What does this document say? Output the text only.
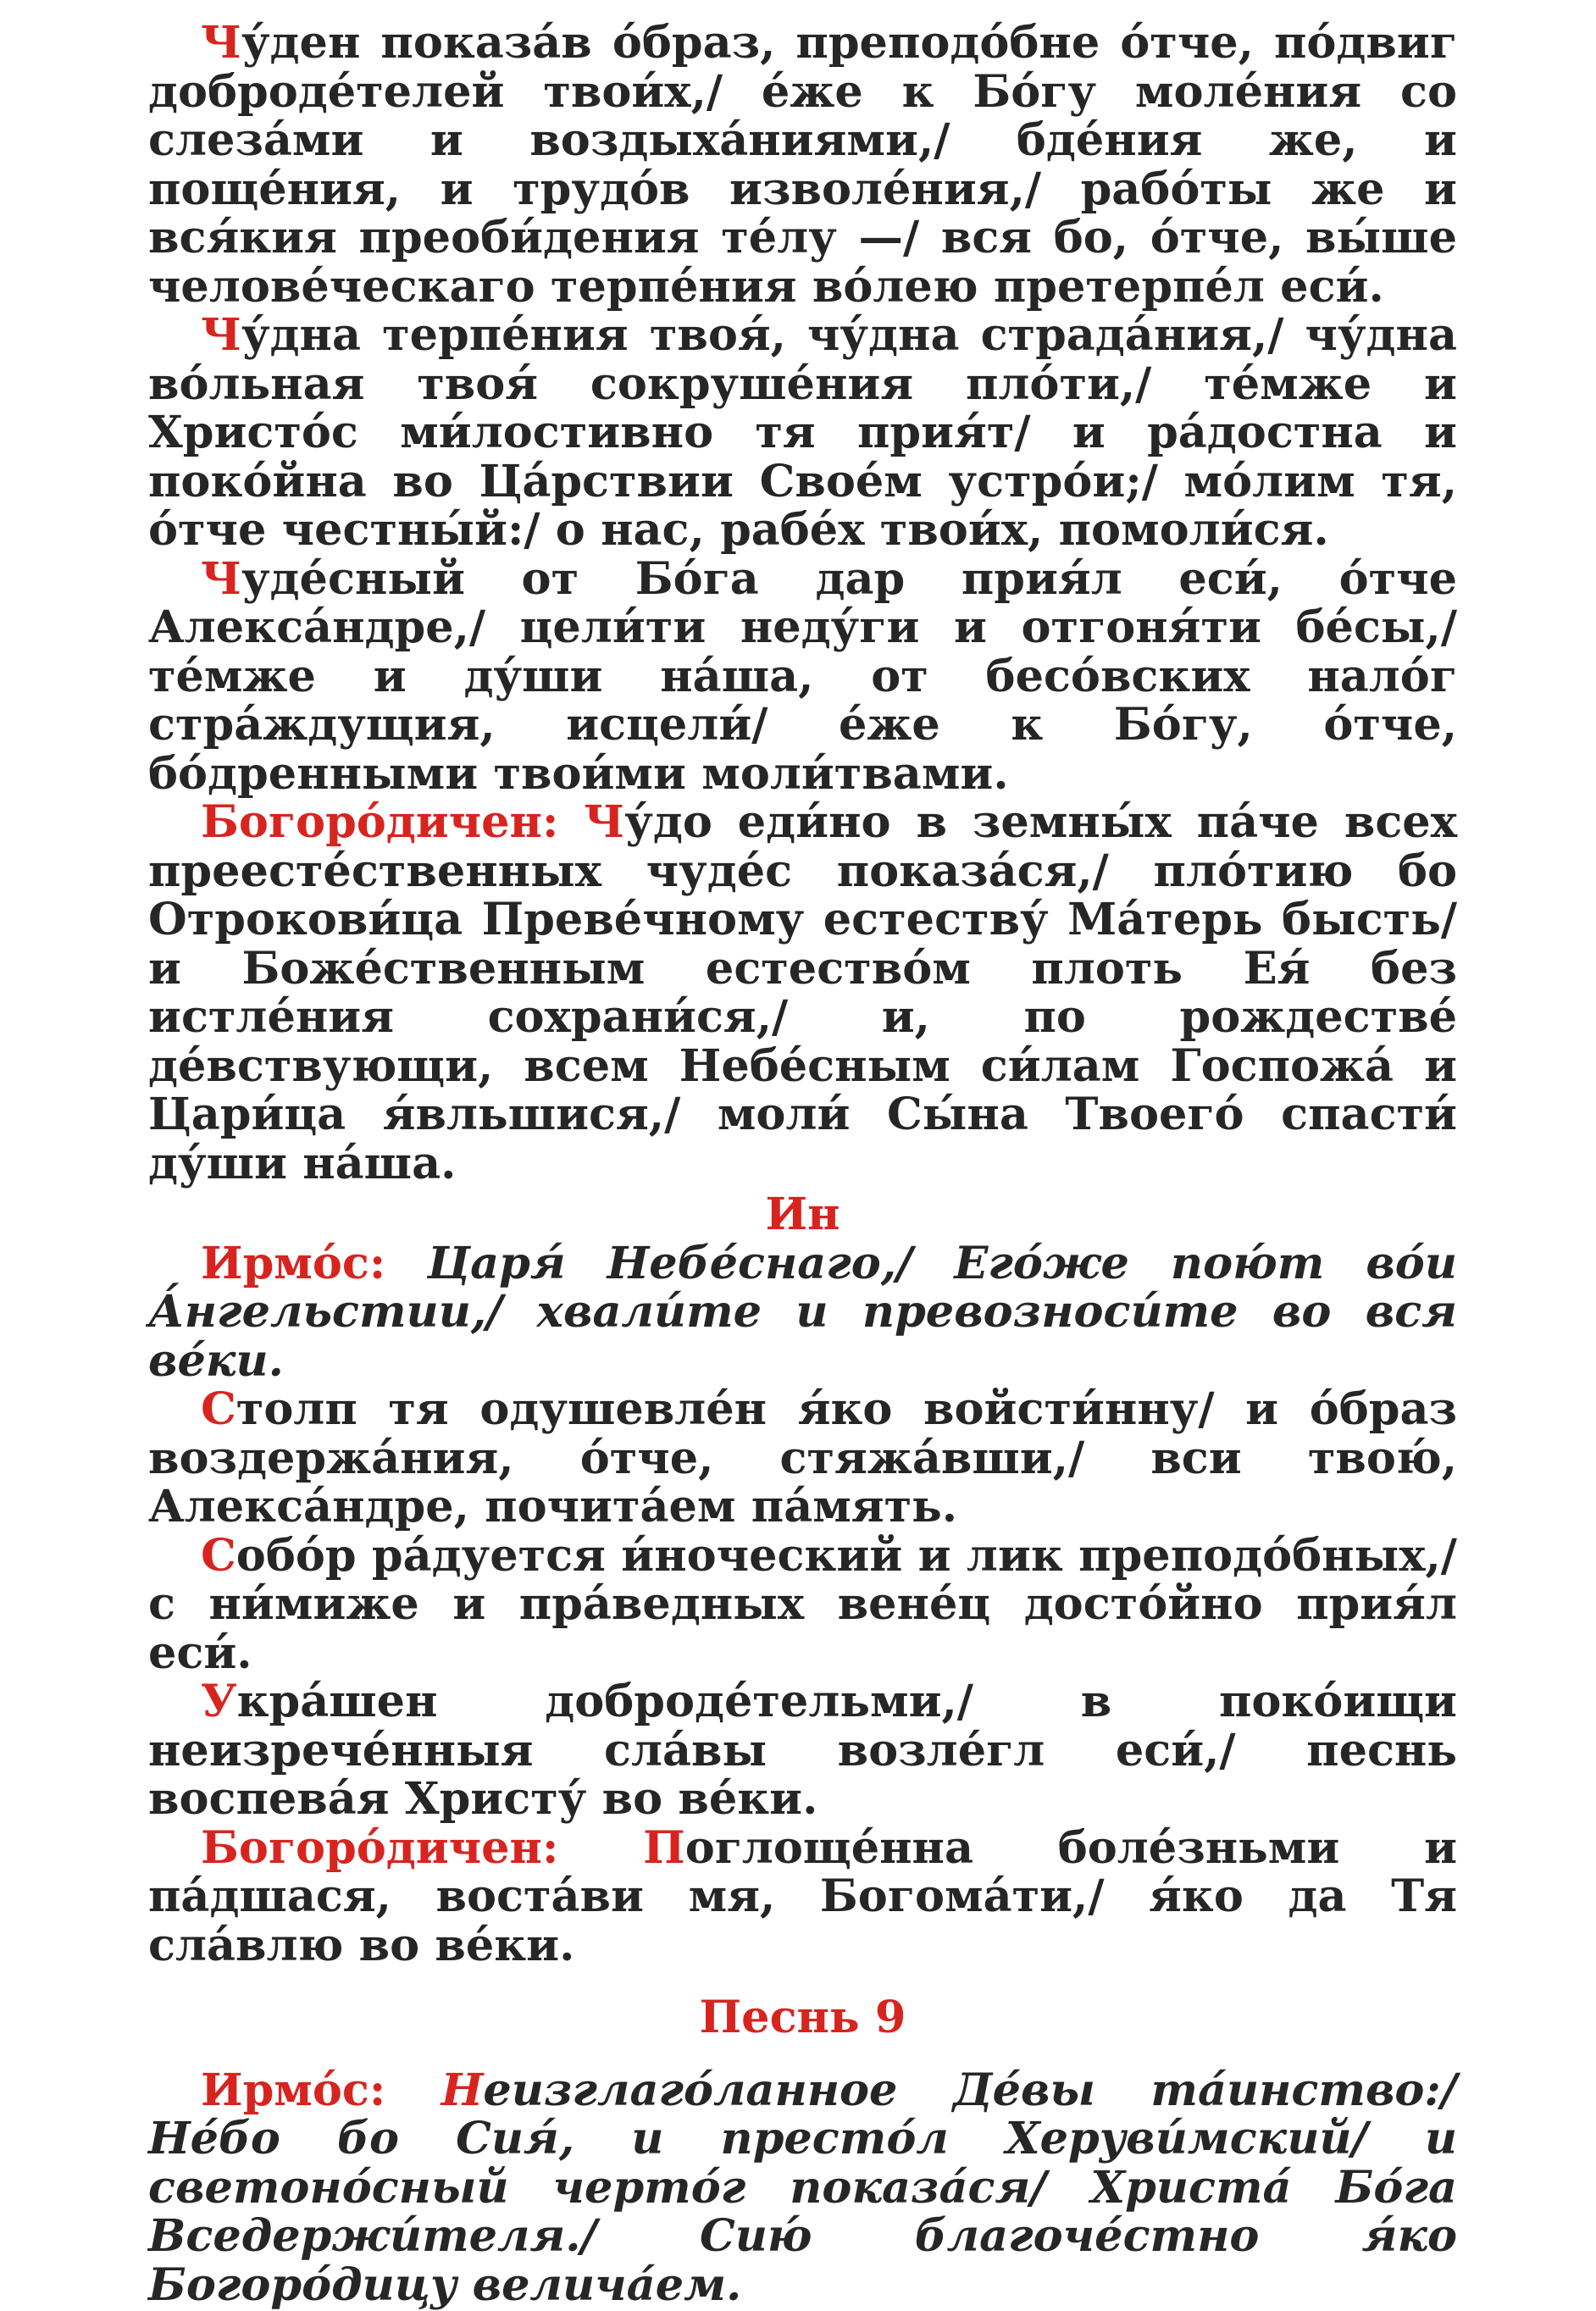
Чу́ден показа́в о́браз, преподо́бне о́тче, по́двиг доброде́телей твои́х,/ е́же к Бо́гу моле́ния со слеза́ми и воздыха́ниями,/ бде́ния же, и поще́ния, и трудо́в изволе́ния,/ рабо́ты же и вся́кия преоби́дения те́лу —/ вся бо, о́тче, вы́ше челове́ческаго терпе́ния во́лею претерпе́л еси́.

Чу́дна терпе́ния твоя́, чу́дна страда́ния,/ чу́дна во́льная твоя́ сокруше́ния пло́ти,/ те́мже и Христо́с ми́лостивно тя прия́т/ и ра́достна и поко́йна во Ца́рствии Свое́м устро́и;/ мо́лим тя, о́тче честны́й:/ о нас, рабе́х твои́х, помоли́ся.

Чуде́сный от Бо́га дар прия́л еси́, о́тче Алекса́ндре,/ цели́ти неду́ги и отгоня́ти бе́сы,/ те́мже и ду́ши на́ша, от бесо́вских нало́г стра́ждущия, исцели́/ е́же к Бо́гу, о́тче, бо́дренными твои́ми моли́твами.

Богоро́дичен: Чу́до еди́но в земны́х па́че всех преесте́ственных чуде́с показа́ся,/ пло́тию бо Отрокови́ца Преве́чному естеству́ Ма́терь бысть/ и Боже́ственным естество́м плоть Ея́ без истле́ния сохрани́ся,/ и, по рождестве́ де́вствующи, всем Небе́сным си́лам Госпожа́ и Цари́ца я́вльшися,/ моли́ Сы́на Твоего́ спасти́ ду́ши на́ша.

Ин

Ирмо́с: Царя́ Небе́снаго,/ Его́же пою́т во́и А́нгельстии,/ хвали́те и превозноси́те во вся ве́ки.

Столп тя одушевле́н я́ко войсти́нну/ и о́браз воздержа́ния, о́тче, стяжа́вши,/ вси твою́, Алекса́ндре, почита́ем па́мять.

Собо́р ра́дуется и́ноческий и лик преподо́бных,/ с ни́миже и пра́ведных вене́ц досто́йно прия́л еси́.

Укра́шен доброде́тельми,/ в поко́ищи неизрече́нныя сла́вы возле́гл еси́,/ песнь воспева́я Христу́ во ве́ки.

Богоро́дичен: Поглоще́нна боле́зньми и па́дшася, воста́ви мя, Богома́ти,/ я́ко да Тя сла́влю во ве́ки.

Песнь 9

Ирмо́с: Неизглаго́ланное Де́вы та́инство:/ Не́бо бо Сия́, и престо́л Херуви́мский/ и светоно́сный черто́г показа́ся/ Христа́ Бо́га Вседержи́теля./ Сию́ благоче́стно я́ко Богоро́дицу велича́ем.
